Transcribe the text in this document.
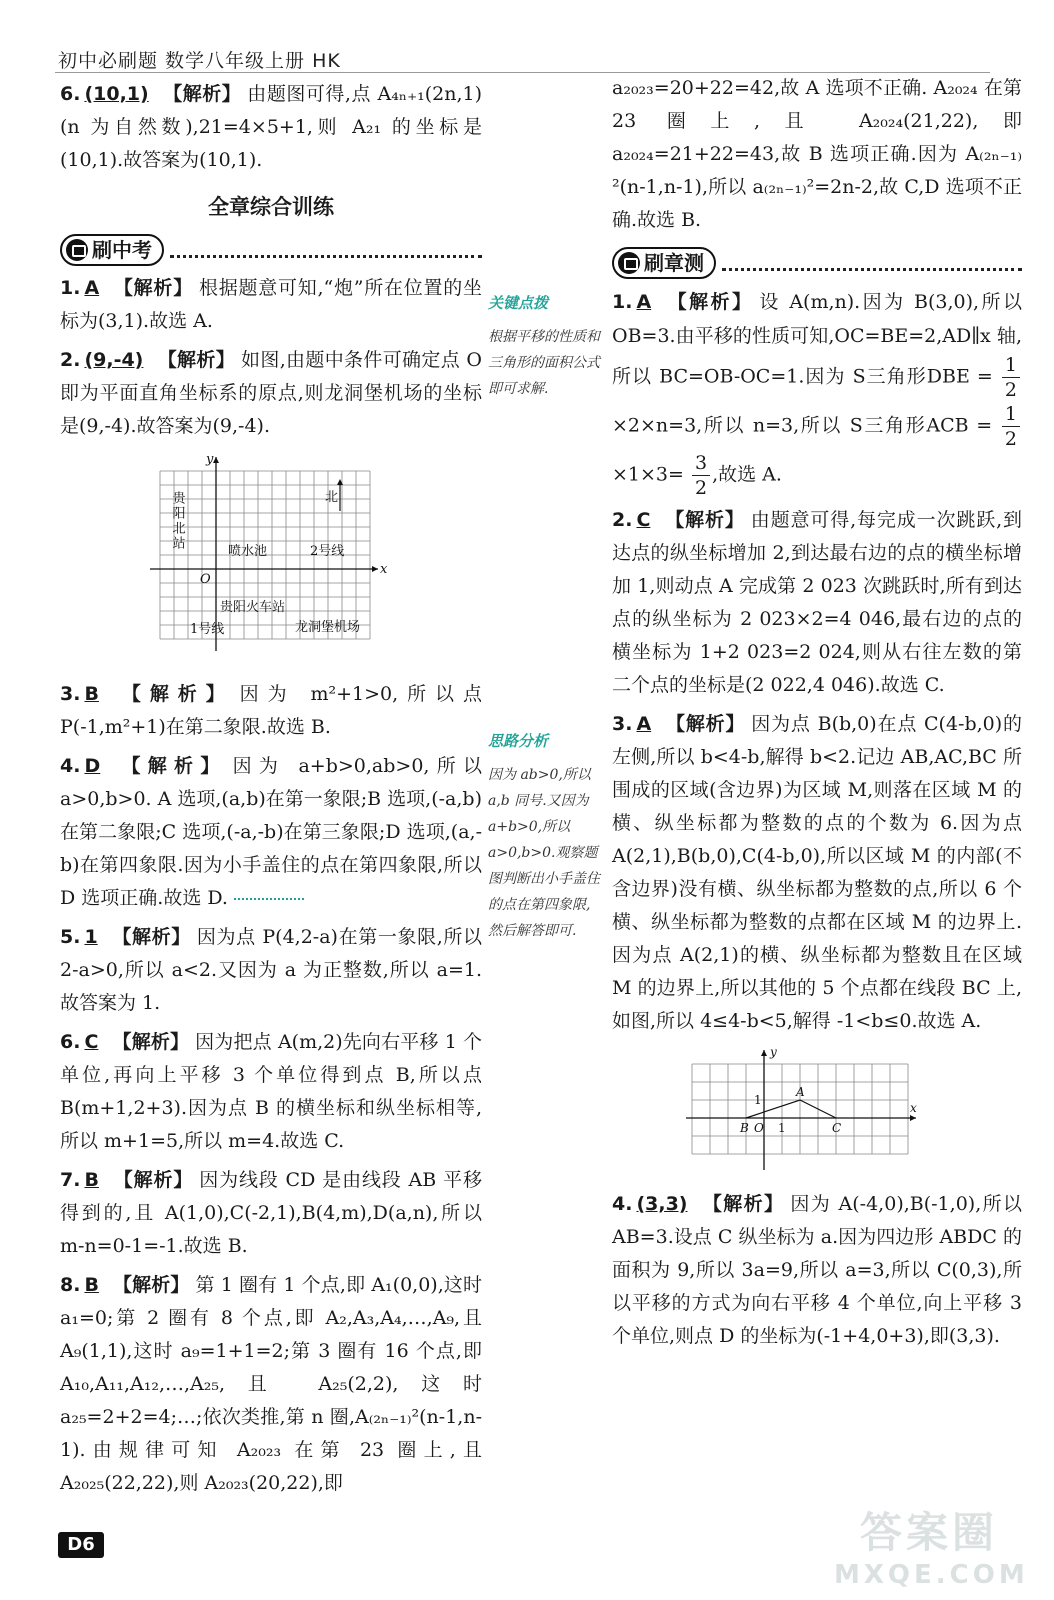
初中必刷题 数学八年级上册 HK
6. (10,1) 【解析】 由题图可得,点 A₄ₙ₊₁(2n,1)(n 为自然数),21=4×5+1,则 A₂₁ 的坐标是(10,1).故答案为(10,1).
全章综合训练
刷中考
1. A 【解析】 根据题意可知,“炮”所在位置的坐标为(3,1).故选 A.
2. (9,-4) 【解析】 如图,由题中条件可确定点 O 即为平面直角坐标系的原点,则龙洞堡机场的坐标是(9,-4).故答案为(9,-4).
y
x
O
贵阳北站	北
喷水池	2号线
贵阳火车站
1号线	龙洞堡机场
3. B 【解析】 因为 m²+1>0,所以点 P(-1,m²+1)在第二象限.故选 B.
4. D 【解析】 因为 a+b>0,ab>0,所以 a>0,b>0. A 选项,(a,b)在第一象限;B 选项,(-a,b)在第二象限;C 选项,(-a,-b)在第三象限;D 选项,(a,-b)在第四象限.因为小手盖住的点在第四象限,所以 D 选项正确.故选 D.
5. 1 【解析】 因为点 P(4,2-a)在第一象限,所以 2-a>0,所以 a<2.又因为 a 为正整数,所以 a=1.故答案为 1.
6. C 【解析】 因为把点 A(m,2)先向右平移 1 个单位,再向上平移 3 个单位得到点 B,所以点 B(m+1,2+3).因为点 B 的横坐标和纵坐标相等,所以 m+1=5,所以 m=4.故选 C.
7. B 【解析】 因为线段 CD 是由线段 AB 平移得到的,且 A(1,0),C(-2,1),B(4,m),D(a,n),所以 m-n=0-1=-1.故选 B.
8. B 【解析】 第 1 圈有 1 个点,即 A₁(0,0),这时 a₁=0;第 2 圈有 8 个点,即 A₂,A₃,A₄,…,A₉,且 A₉(1,1),这时 a₉=1+1=2;第 3 圈有 16 个点,即 A₁₀,A₁₁,A₁₂,…,A₂₅,且 A₂₅(2,2),这时 a₂₅=2+2=4;…;依次类推,第 n 圈,A₍₂ₙ₋₁₎²(n-1,n-1).由规律可知 A₂₀₂₃ 在第 23 圈上,且 A₂₀₂₅(22,22),则 A₂₀₂₃(20,22),即
关键点拨
根据平移的性质和三角形的面积公式即可求解.
思路分析
因为 ab>0,所以 a,b 同号.又因为 a+b>0,所以 a>0,b>0.观察题图判断出小手盖住的点在第四象限,然后解答即可.
a₂₀₂₃=20+22=42,故 A 选项不正确. A₂₀₂₄ 在第 23 圈上,且 A₂₀₂₄(21,22),即 a₂₀₂₄=21+22=43,故 B 选项正确.因为 A₍₂ₙ₋₁₎²(n-1,n-1),所以 a₍₂ₙ₋₁₎²=2n-2,故 C,D 选项不正确.故选 B.
刷章测
1. A 【解析】 设 A(m,n).因为 B(3,0),所以 OB=3.由平移的性质可知,OC=BE=2,AD∥x 轴,所以 BC=OB-OC=1.因为 S三角形DBE = $\frac{1}{2}$
×2×n=3,所以 n=3,所以 S三角形ACB = $\frac{1}{2}$
$\times 1\times 3= \frac{3}{2}$ ,故选 A.
2. C 【解析】 由题意可得,每完成一次跳跃,到达点的纵坐标增加 2,到达最右边的点的横坐标增加 1,则动点 A 完成第 2 023 次跳跃时,所有到达点的纵坐标为 2 023×2=4 046,最右边的点的横坐标为 1+2 023=2 024,则从右往左数的第二个点的坐标是(2 022,4 046).故选 C.
3. A 【解析】 因为点 B(b,0)在点 C(4-b,0)的左侧,所以 b<4-b,解得 b<2.记边 AB,AC,BC 所围成的区域(含边界)为区域 M,则落在区域 M 的横、纵坐标都为整数的点的个数为 6.因为点 A(2,1),B(b,0),C(4-b,0),所以区域 M 的内部(不含边界)没有横、纵坐标都为整数的点,所以 6 个横、纵坐标都为整数的点都在区域 M 的边界上.因为点 A(2,1)的横、纵坐标都为整数且在区域 M 的边界上,所以其他的 5 个点都在线段 BC 上,如图,所以 4≤4-b<5,解得 -1<b≤0.故选 A.
y
x
A
B	C
O 1
1
4. (3,3) 【解析】 因为 A(-4,0),B(-1,0),所以 AB=3.设点 C 纵坐标为 a.因为四边形 ABDC 的面积为 9,所以 3a=9,所以 a=3,所以 C(0,3),所以平移的方式为向右平移 4 个单位,向上平移 3 个单位,则点 D 的坐标为(-1+4,0+3),即(3,3).
D6	答案圈
MXQE.COM
